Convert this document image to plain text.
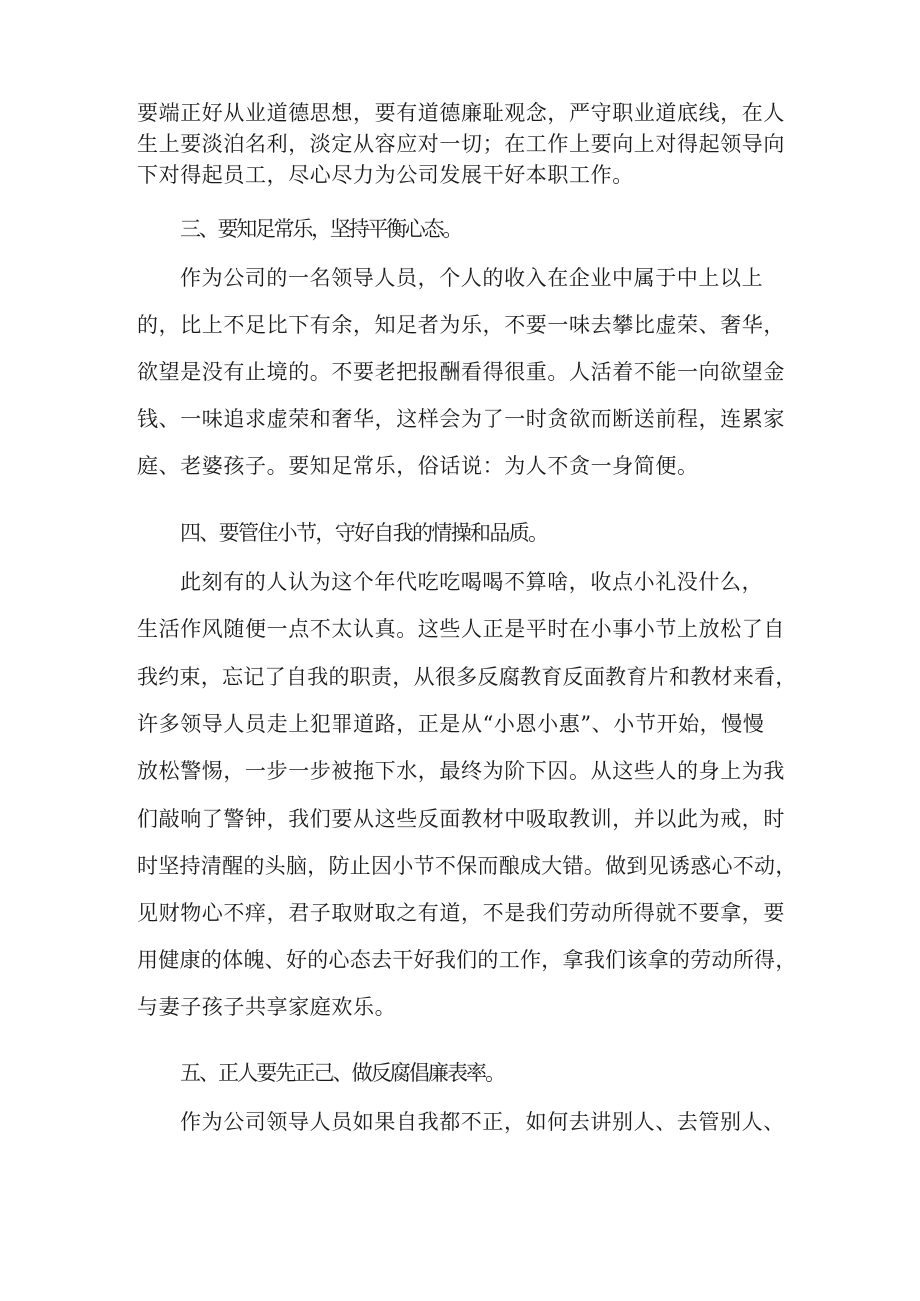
要端正好从业道德思想，要有道德廉耻观念，严守职业道底线，在人
生上要淡泊名利，淡定从容应对一切；在工作上要向上对得起领导向
下对得起员工，尽心尽力为公司发展干好本职工作。
三、要知足常乐，坚持平衡心态。
作为公司的一名领导人员，个人的收入在企业中属于中上以上
的，比上不足比下有余，知足者为乐，不要一味去攀比虚荣、奢华，
欲望是没有止境的。不要老把报酬看得很重。人活着不能一向欲望金
钱、一味追求虚荣和奢华，这样会为了一时贪欲而断送前程，连累家
庭、老婆孩子。要知足常乐，俗话说：为人不贪一身简便。
四、要管住小节，守好自我的情操和品质。
此刻有的人认为这个年代吃吃喝喝不算啥，收点小礼没什么，
生活作风随便一点不太认真。这些人正是平时在小事小节上放松了自
我约束，忘记了自我的职责，从很多反腐教育反面教育片和教材来看，
许多领导人员走上犯罪道路，正是从“小恩小惠”、小节开始，慢慢
放松警惕，一步一步被拖下水，最终为阶下囚。从这些人的身上为我
们敲响了警钟，我们要从这些反面教材中吸取教训，并以此为戒，时
时坚持清醒的头脑，防止因小节不保而酿成大错。做到见诱惑心不动，
见财物心不痒，君子取财取之有道，不是我们劳动所得就不要拿，要
用健康的体魄、好的心态去干好我们的工作，拿我们该拿的劳动所得，
与妻子孩子共享家庭欢乐。
五、正人要先正己、做反腐倡廉表率。
作为公司领导人员如果自我都不正，如何去讲别人、去管别人、
